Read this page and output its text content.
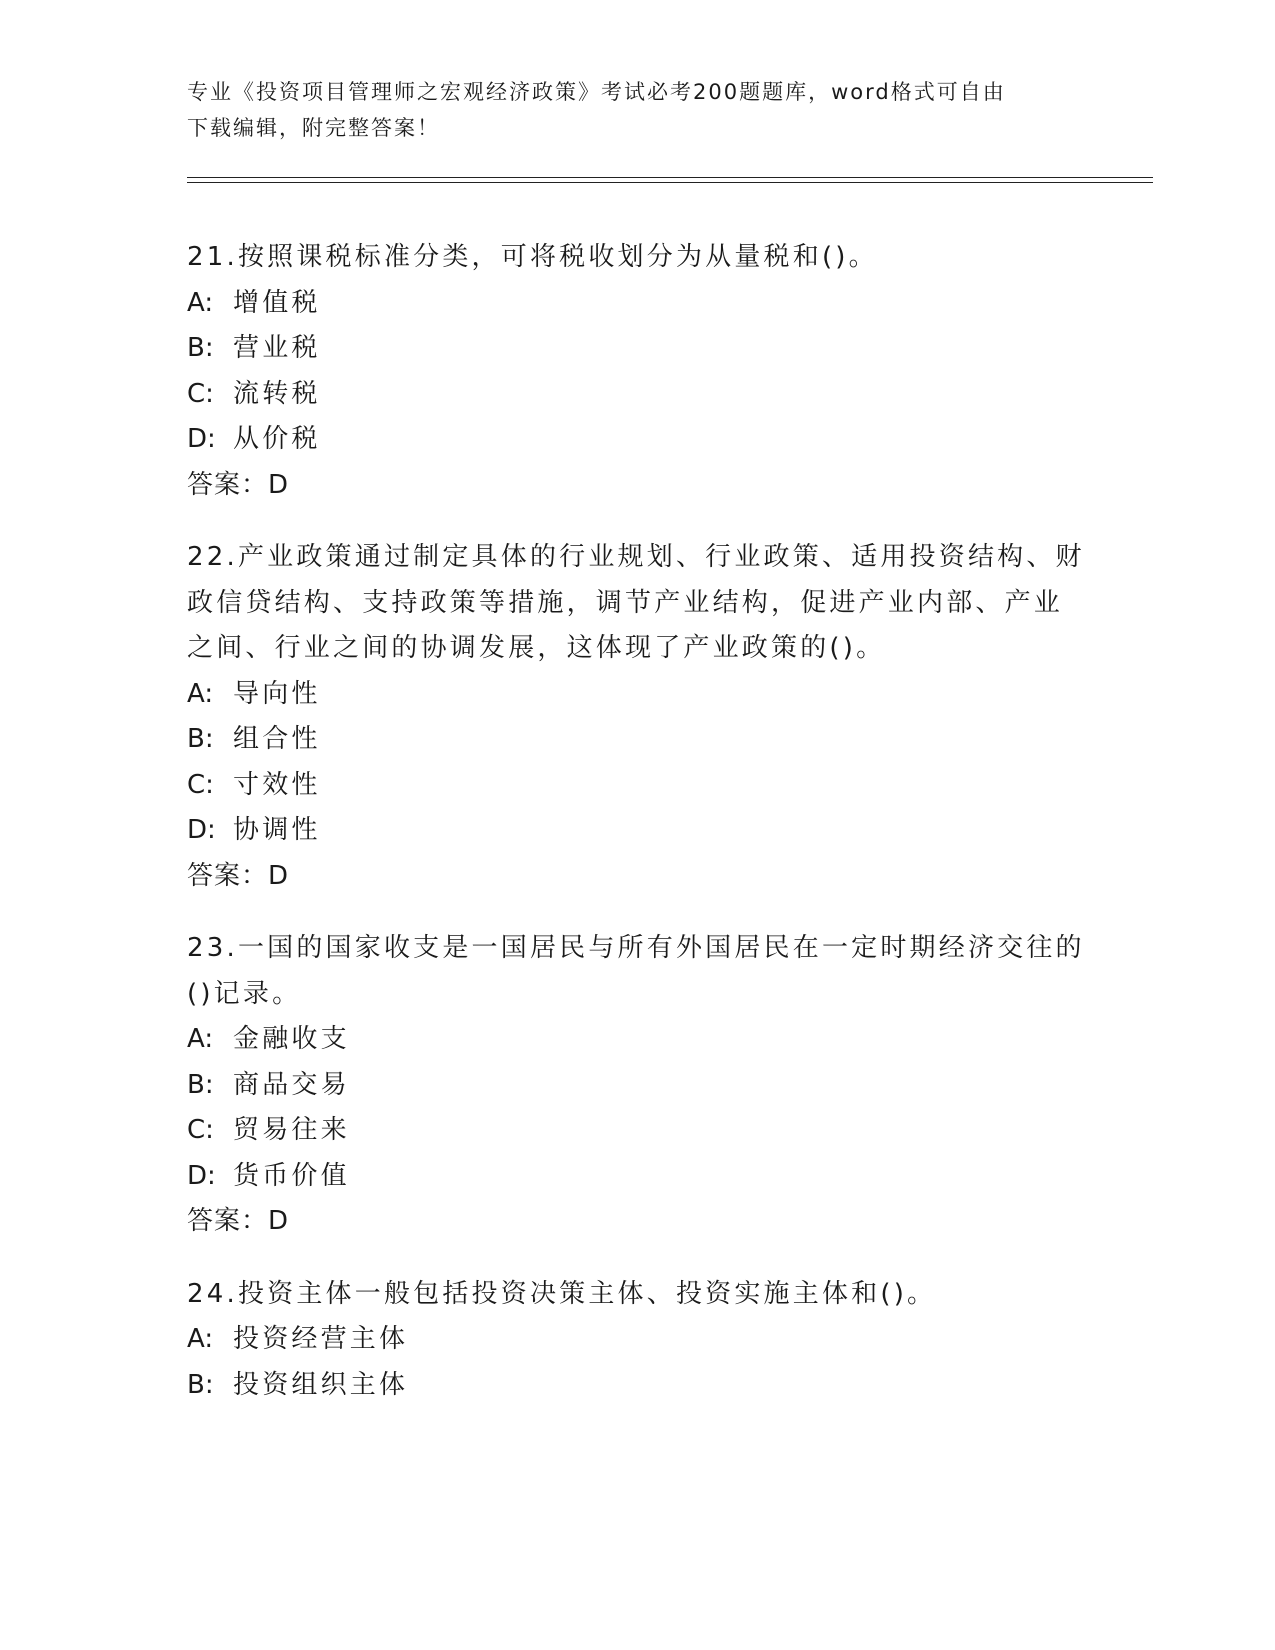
专业《投资项目管理师之宏观经济政策》考试必考200题题库，word格式可自由
下载编辑，附完整答案！
21.按照课税标准分类，可将税收划分为从量税和()。
A: 增值税
B: 营业税
C: 流转税
D: 从价税
答案：D
22.产业政策通过制定具体的行业规划、行业政策、适用投资结构、财
政信贷结构、支持政策等措施，调节产业结构，促进产业内部、产业
之间、行业之间的协调发展，这体现了产业政策的()。
A: 导向性
B: 组合性
C: 寸效性
D: 协调性
答案：D
23.一国的国家收支是一国居民与所有外国居民在一定时期经济交往的
()记录。
A: 金融收支
B: 商品交易
C: 贸易往来
D: 货币价值
答案：D
24.投资主体一般包括投资决策主体、投资实施主体和()。
A: 投资经营主体
B: 投资组织主体
